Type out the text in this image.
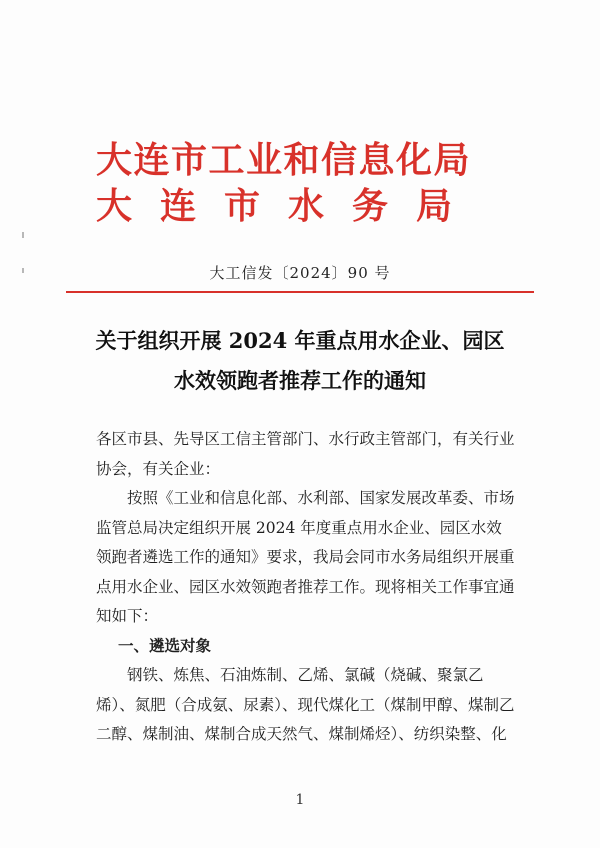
大连市工业和信息化局
大连市水务局
大工信发〔2024〕90 号
关于组织开展 2024 年重点用水企业、园区
水效领跑者推荐工作的通知

各区市县、先导区工信主管部门、水行政主管部门，有关行业协会，有关企业：

按照《工业和信息化部、水利部、国家发展改革委、市场监管总局决定组织开展 2024 年度重点用水企业、园区水效领跑者遴选工作的通知》要求，我局会同市水务局组织开展重点用水企业、园区水效领跑者推荐工作。现将相关工作事宜通知如下：

一、遴选对象

钢铁、炼焦、石油炼制、乙烯、氯碱（烧碱、聚氯乙烯）、氮肥（合成氨、尿素）、现代煤化工（煤制甲醇、煤制乙二醇、煤制油、煤制合成天然气、煤制烯烃）、纺织染整、化

1
